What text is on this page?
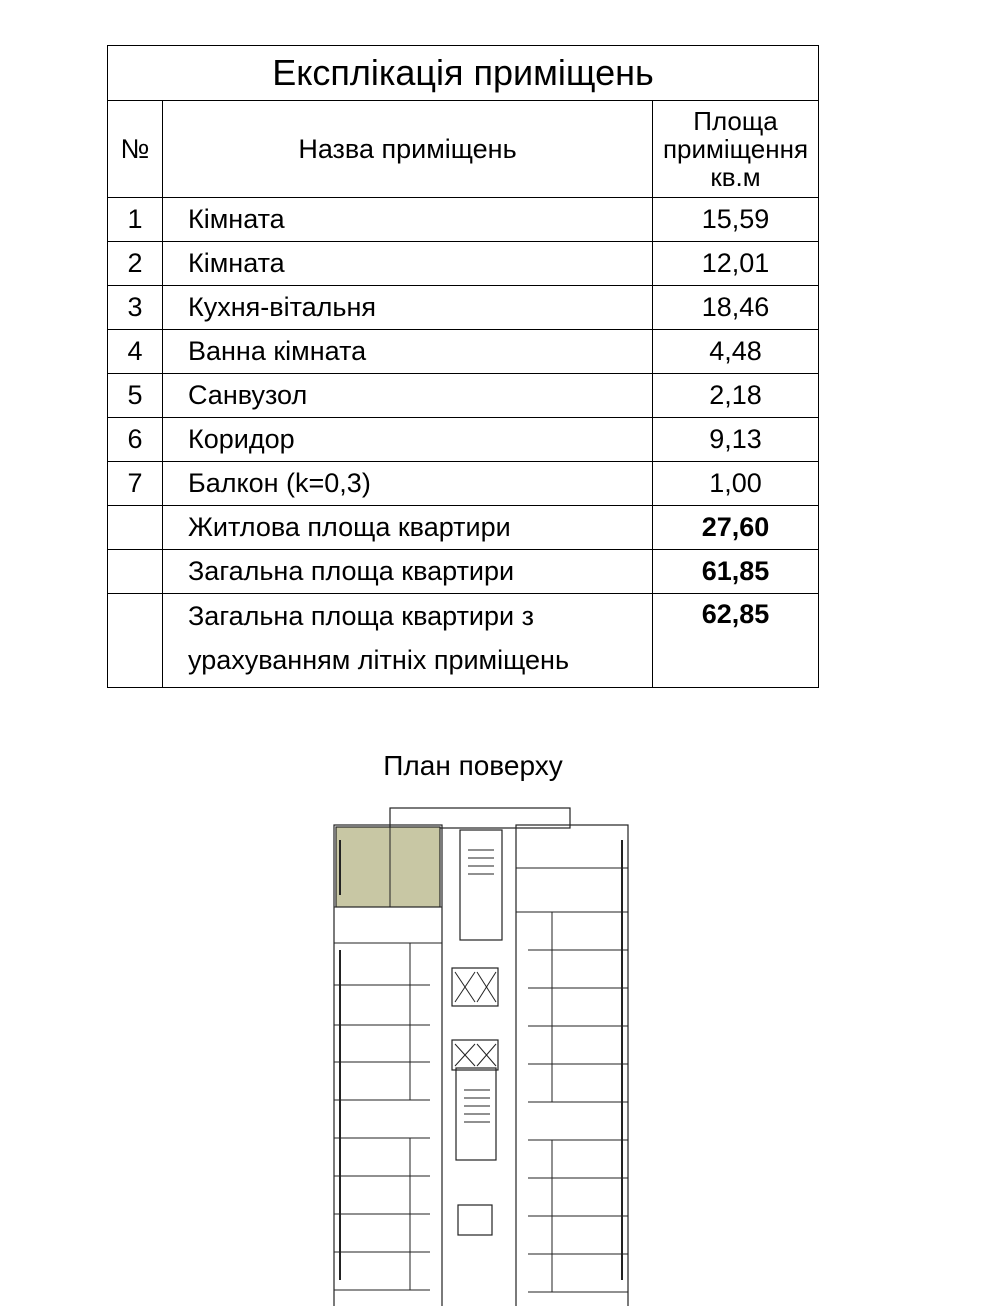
Експлікація приміщень		
№	Назва приміщень	Площа
приміщення
кв.м

1	Кімната	15,59
2	Кімната	12,01
3	Кухня-вітальня	18,46
4	Ванна кімната	4,48
5	Санвузол	2,18
6	Коридор	9,13
7	Балкон (k=0,3)	1,00
	Житлова площа квартири	27,60
	Загальна площа квартири	61,85

	Загальна площа квартири з
урахуванням літніх приміщень	62,85
План поверху
